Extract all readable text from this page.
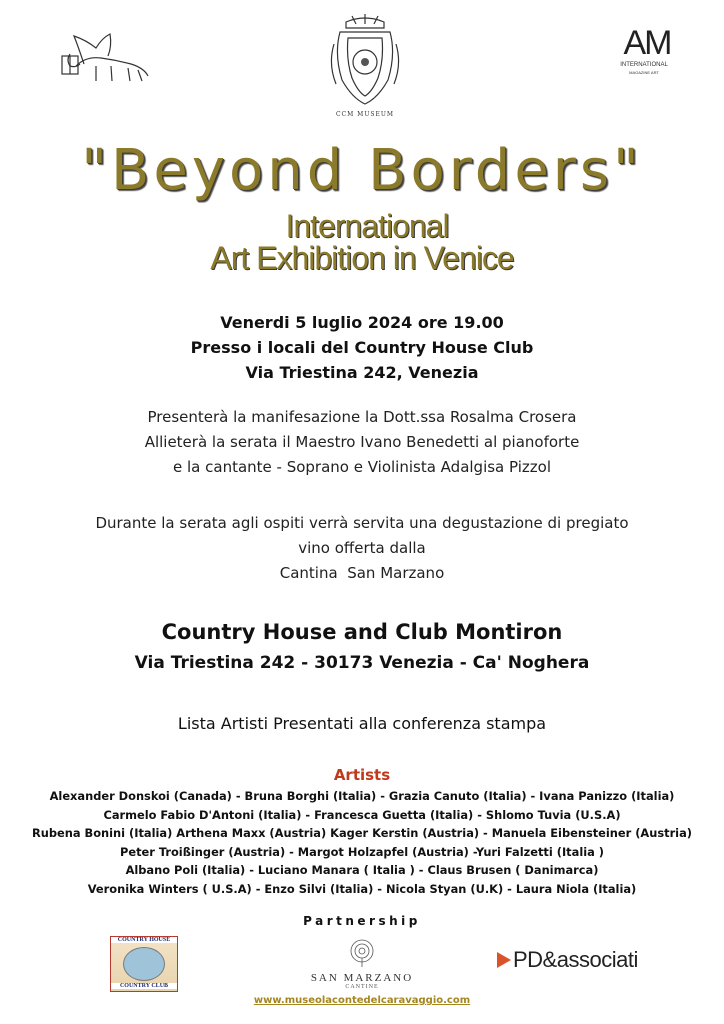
CCM MUSEUM
AM
INTERNATIONAL
MAGAZINE ART
"Beyond Borders"
International
Art Exhibition in Venice
Venerdi 5 luglio 2024 ore 19.00
Presso i locali del Country House Club
Via Triestina 242, Venezia
Presenterà la manifesazione la Dott.ssa Rosalma Crosera
Allieterà la serata il Maestro Ivano Benedetti al pianoforte
e la cantante - Soprano e Violinista Adalgisa Pizzol
Durante la serata agli ospiti verrà servita una degustazione di pregiato
vino offerta dalla
Cantina  San Marzano
Country House and Club Montiron
Via Triestina 242 - 30173 Venezia - Ca' Noghera
Lista Artisti Presentati alla conferenza stampa
Artists
Alexander Donskoi (Canada) - Bruna Borghi (Italia) - Grazia Canuto (Italia) - Ivana Panizzo (Italia)
Carmelo Fabio D'Antoni (Italia) - Francesca Guetta (Italia) - Shlomo Tuvia (U.S.A)
Rubena Bonini (Italia) Arthena Maxx (Austria) Kager Kerstin (Austria) - Manuela Eibensteiner (Austria)
Peter Troißinger (Austria) - Margot Holzapfel (Austria) -Yuri Falzetti (Italia )
Albano Poli (Italia) - Luciano Manara ( Italia ) - Claus Brusen ( Danimarca)
Veronika Winters ( U.S.A) - Enzo Silvi (Italia) - Nicola Styan (U.K) - Laura Niola (Italia)
Partnership
COUNTRY HOUSE
COUNTRY CLUB
SAN MARZANO
CANTINE
PD&associati
www.museolacontedelcaravaggio.com
